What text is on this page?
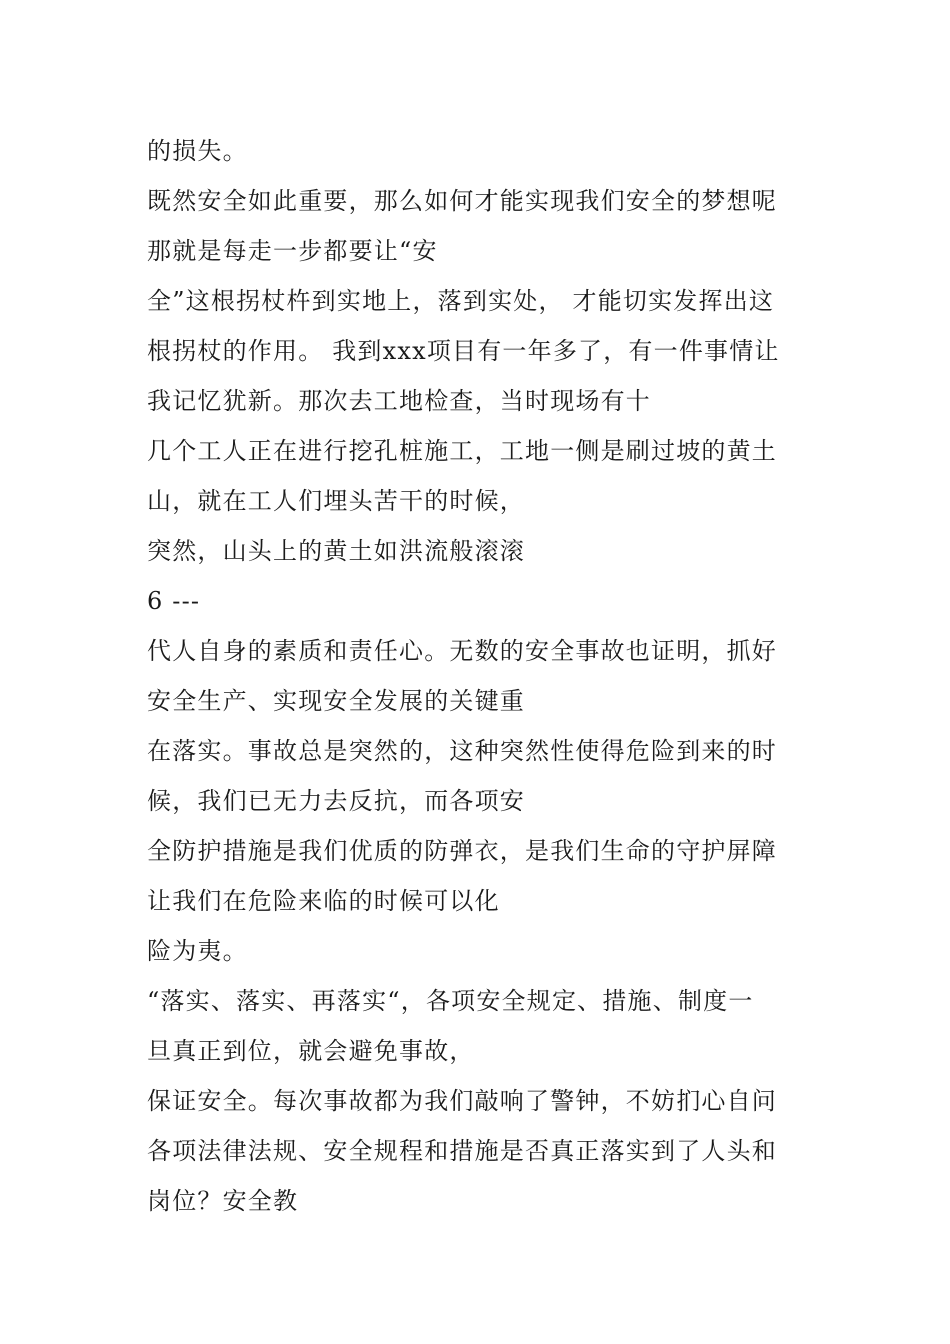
的损失。
既然安全如此重要，那么如何才能实现我们安全的梦想呢
那就是每走一步都要让“安
全”这根拐杖杵到实地上，落到实处， 才能切实发挥出这
根拐杖的作用。 我到xxx项目有一年多了，有一件事情让
我记忆犹新。那次去工地检查，当时现场有十
几个工人正在进行挖孔桩施工，工地一侧是刷过坡的黄土
山，就在工人们埋头苦干的时候，
突然，山头上的黄土如洪流般滚滚
6 ---
代人自身的素质和责任心。无数的安全事故也证明，抓好
安全生产、实现安全发展的关键重
在落实。事故总是突然的，这种突然性使得危险到来的时
候，我们已无力去反抗，而各项安
全防护措施是我们优质的防弹衣，是我们生命的守护屏障
让我们在危险来临的时候可以化
险为夷。
“落实、落实、再落实“，各项安全规定、措施、制度一
旦真正到位，就会避免事故，
保证安全。每次事故都为我们敲响了警钟，不妨扪心自问
各项法律法规、安全规程和措施是否真正落实到了人头和
岗位？安全教
